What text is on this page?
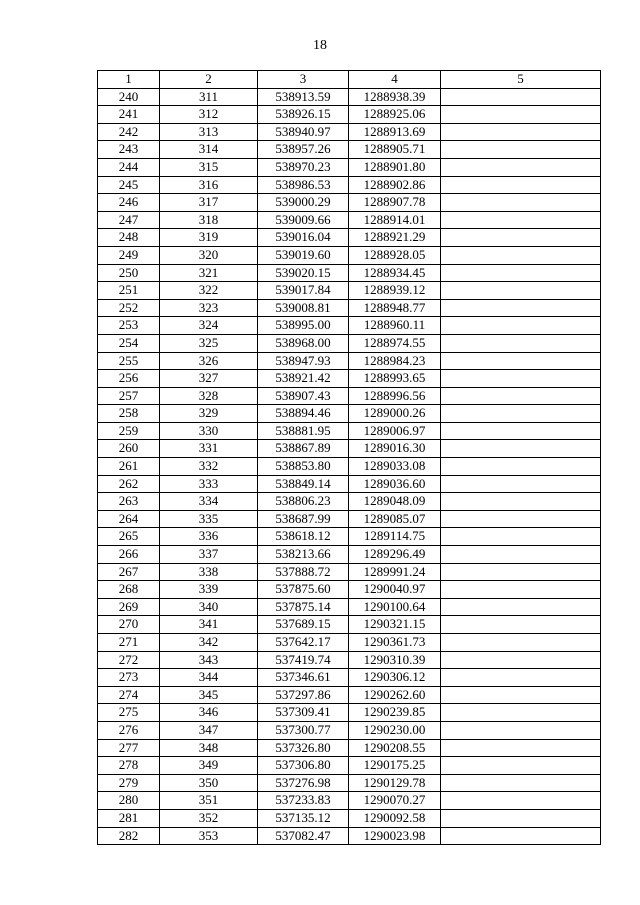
18
1	2	3	4	5
240	311	538913.59	1288938.39	
241	312	538926.15	1288925.06	
242	313	538940.97	1288913.69	
243	314	538957.26	1288905.71	
244	315	538970.23	1288901.80	
245	316	538986.53	1288902.86	
246	317	539000.29	1288907.78	
247	318	539009.66	1288914.01	
248	319	539016.04	1288921.29	
249	320	539019.60	1288928.05	
250	321	539020.15	1288934.45	
251	322	539017.84	1288939.12	
252	323	539008.81	1288948.77	
253	324	538995.00	1288960.11	
254	325	538968.00	1288974.55	
255	326	538947.93	1288984.23	
256	327	538921.42	1288993.65	
257	328	538907.43	1288996.56	
258	329	538894.46	1289000.26	
259	330	538881.95	1289006.97	
260	331	538867.89	1289016.30	
261	332	538853.80	1289033.08	
262	333	538849.14	1289036.60	
263	334	538806.23	1289048.09	
264	335	538687.99	1289085.07	
265	336	538618.12	1289114.75	
266	337	538213.66	1289296.49	
267	338	537888.72	1289991.24	
268	339	537875.60	1290040.97	
269	340	537875.14	1290100.64	
270	341	537689.15	1290321.15	
271	342	537642.17	1290361.73	
272	343	537419.74	1290310.39	
273	344	537346.61	1290306.12	
274	345	537297.86	1290262.60	
275	346	537309.41	1290239.85	
276	347	537300.77	1290230.00	
277	348	537326.80	1290208.55	
278	349	537306.80	1290175.25	
279	350	537276.98	1290129.78	
280	351	537233.83	1290070.27	
281	352	537135.12	1290092.58	
282	353	537082.47	1290023.98	
